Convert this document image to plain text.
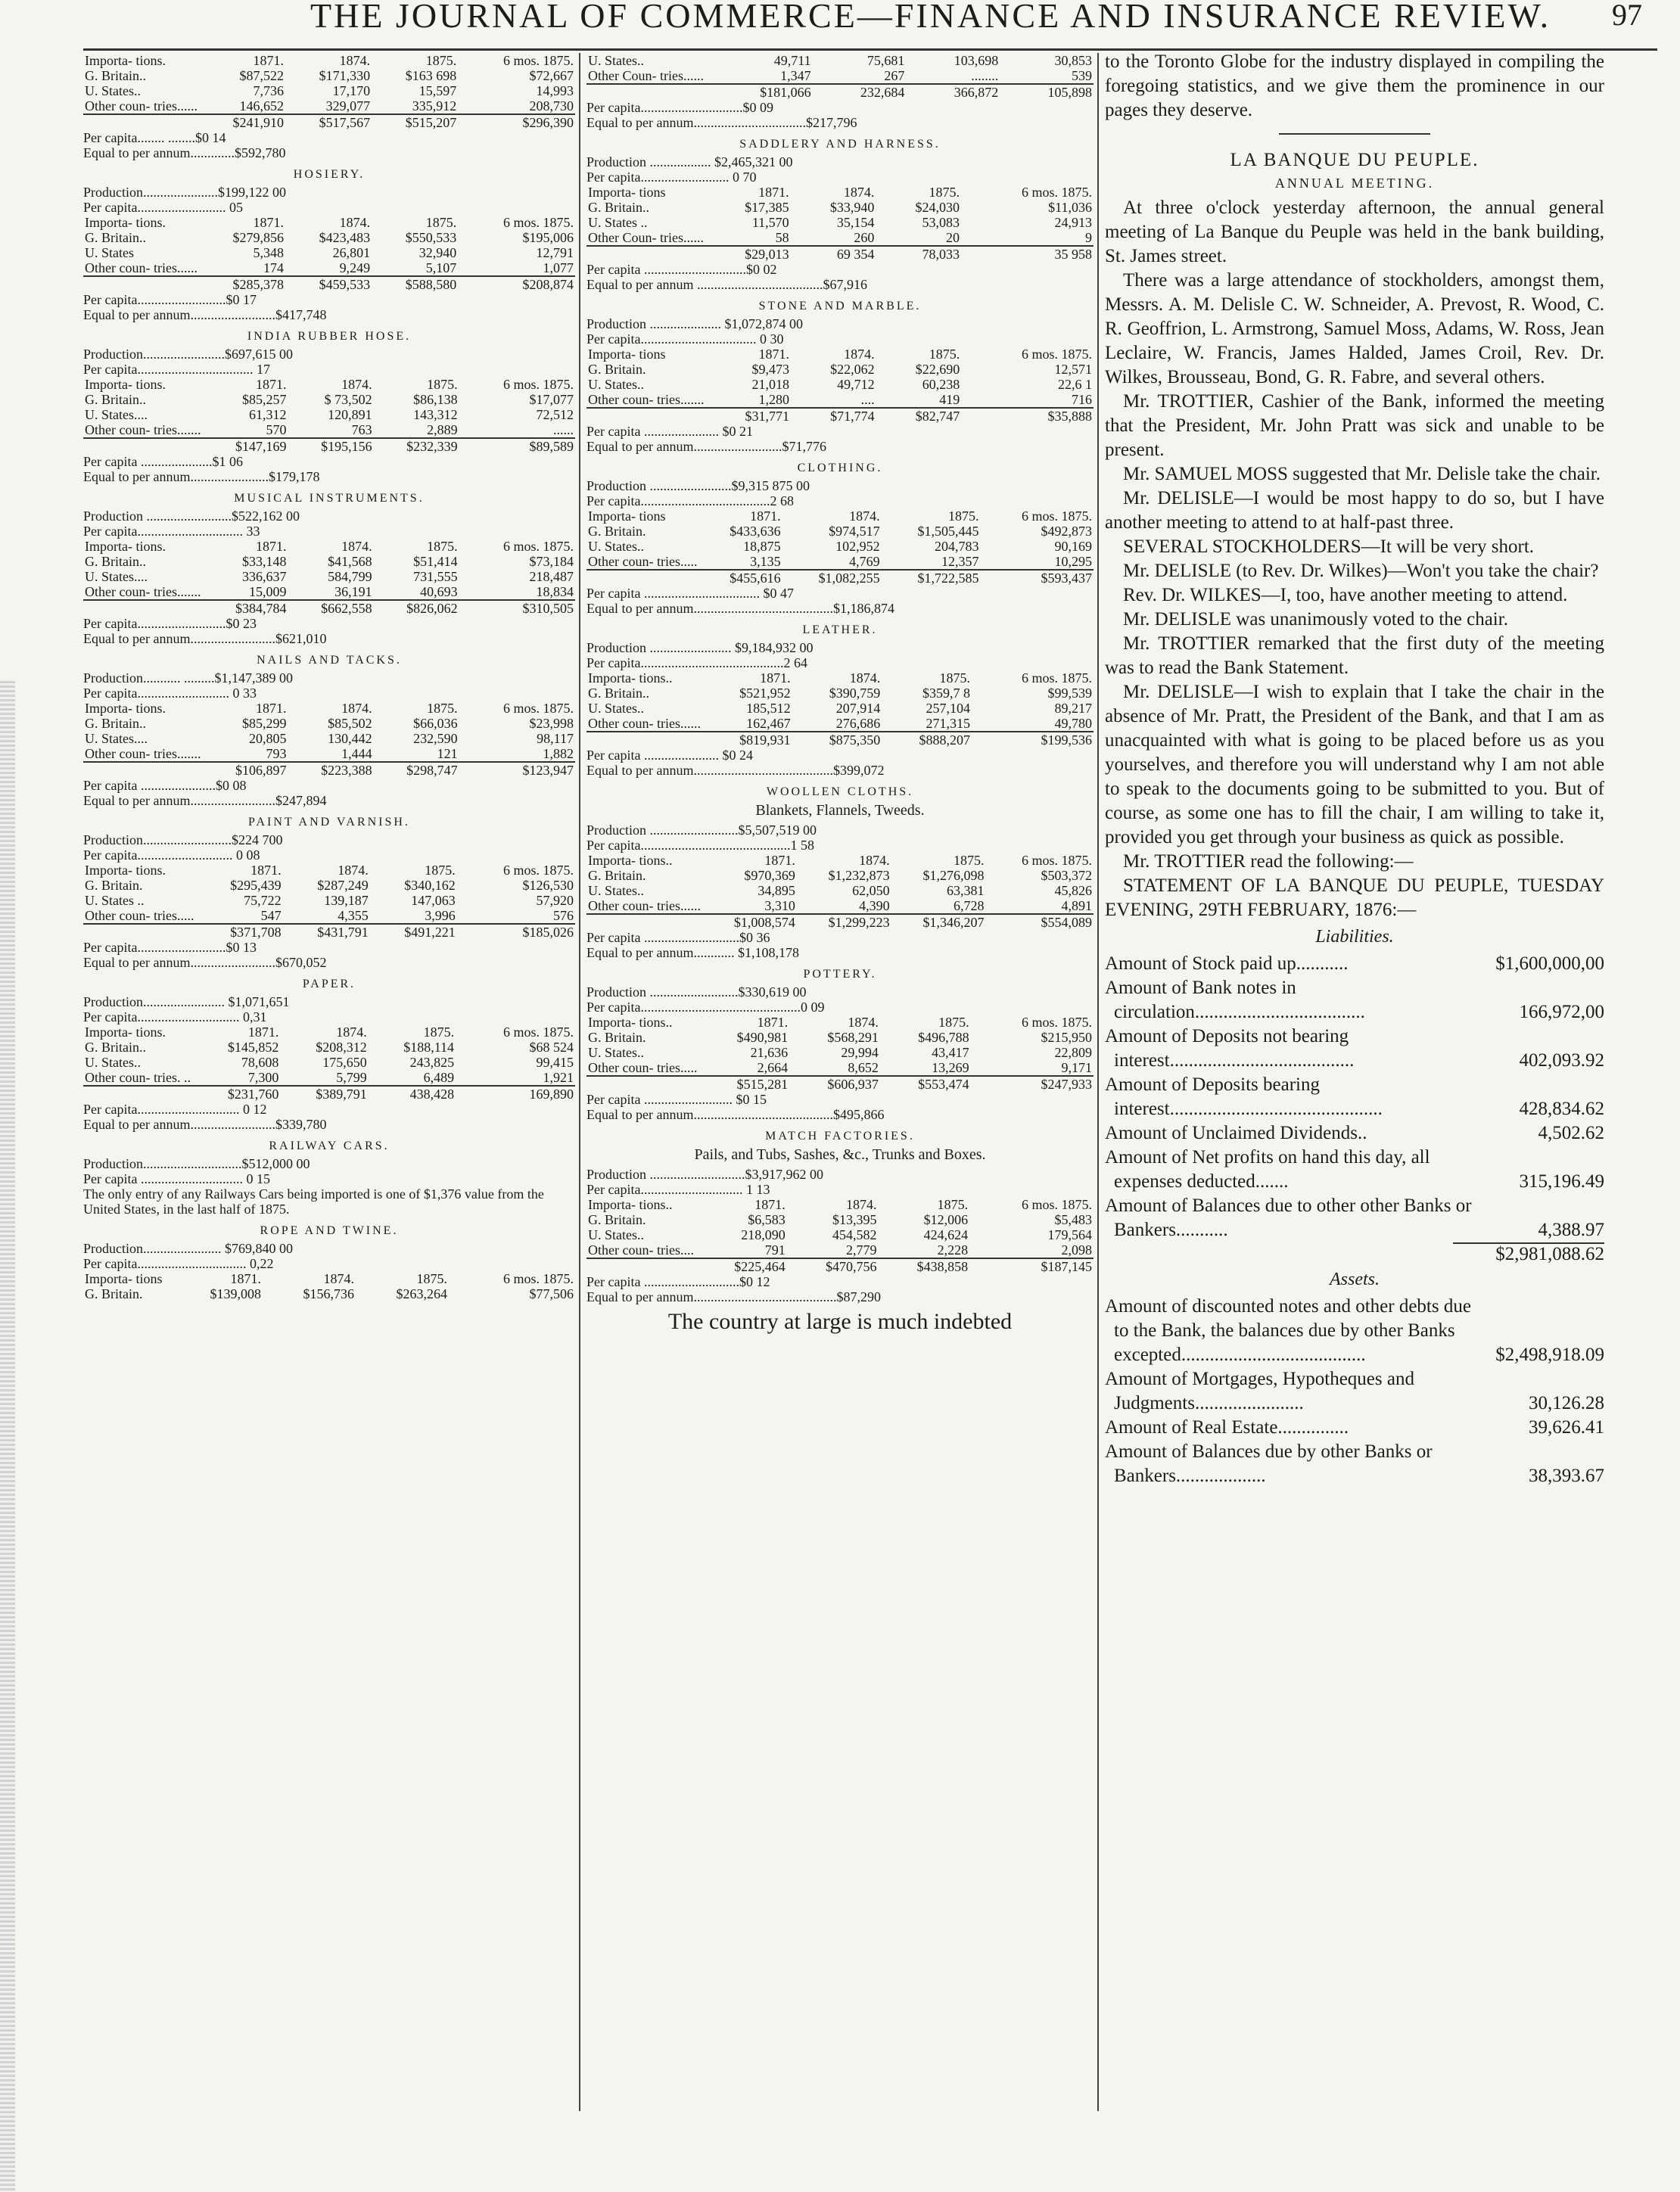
THE JOURNAL OF COMMERCE—FINANCE AND INSURANCE REVIEW. 97
Importa- tions.	1871.	1874.	1875.	6 mos. 1875.
G. Britain..	$87,522	$171,330	$163 698	$72,667
U. States..	7,736	17,170	15,597	14,993
Other coun- tries......	146,652	329,077	335,912	208,730
	$241,910	$517,567	$515,207	$296,390
Per capita........ ........$0 14
Equal to per annum.............$592,780
HOSIERY.
Production......................$199,122 00
Per capita.......................... 05
Importa- tions.	1871.	1874.	1875.	6 mos. 1875.
G. Britain..	$279,856	$423,483	$550,533	$195,006
U. States	5,348	26,801	32,940	12,791
Other coun- tries......	174	9,249	5,107	1,077
	$285,378	$459,533	$588,580	$208,874
Per capita..........................$0 17
Equal to per annum.........................$417,748
INDIA RUBBER HOSE.
Production........................$697,615 00
Per capita.................................. 17
Importa- tions.	1871.	1874.	1875.	6 mos. 1875.
G. Britain..	$85,257	$ 73,502	$86,138	$17,077
U. States....	61,312	120,891	143,312	72,512
Other coun- tries.......	570	763	2,889	......
	$147,169	$195,156	$232,339	$89,589
Per capita .....................$1 06
Equal to per annum.......................$179,178
MUSICAL INSTRUMENTS.
Production .........................$522,162 00
Per capita............................... 33
Importa- tions.	1871.	1874.	1875.	6 mos. 1875.
G. Britain..	$33,148	$41,568	$51,414	$73,184
U. States....	336,637	584,799	731,555	218,487
Other coun- tries.......	15,009	36,191	40,693	18,834
	$384,784	$662,558	$826,062	$310,505
Per capita..........................$0 23
Equal to per annum.........................$621,010
NAILS AND TACKS.
Production........... .........$1,147,389 00
Per capita........................... 0 33
Importa- tions.	1871.	1874.	1875.	6 mos. 1875.
G. Britain..	$85,299	$85,502	$66,036	$23,998
U. States....	20,805	130,442	232,590	98,117
Other coun- tries.......	793	1,444	121	1,882
	$106,897	$223,388	$298,747	$123,947
Per capita ......................$0 08
Equal to per annum.........................$247,894
PAINT AND VARNISH.
Production..........................$224 700
Per capita............................ 0 08
Importa- tions.	1871.	1874.	1875.	6 mos. 1875.
G. Britain.	$295,439	$287,249	$340,162	$126,530
U. States ..	75,722	139,187	147,063	57,920
Other coun- tries.....	547	4,355	3,996	576
	$371,708	$431,791	$491,221	$185,026
Per capita..........................$0 13
Equal to per annum.........................$670,052
PAPER.
Production........................ $1,071,651
Per capita.............................. 0,31
Importa- tions.	1871.	1874.	1875.	6 mos. 1875.
G. Britain..	$145,852	$208,312	$188,114	$68 524
U. States..	78,608	175,650	243,825	99,415
Other coun- tries. ..	7,300	5,799	6,489	1,921
	$231,760	$389,791	438,428	169,890
Per capita.............................. 0 12
Equal to per annum.........................$339,780
RAILWAY CARS.
Production.............................$512,000 00
Per capita .............................. 0 15
The only entry of any Railways Cars being imported is one of $1,376 value from the United States, in the last half of 1875.
ROPE AND TWINE.
Production....................... $769,840 00
Per capita................................ 0,22
Importa- tions	1871.	1874.	1875.	6 mos. 1875.
G. Britain.	$139,008	$156,736	$263,264	$77,506
U. States..	49,711	75,681	103,698	30,853
Other Coun- tries......	1,347	267	........	539
	$181,066	232,684	366,872	105,898
Per capita..............................$0 09
Equal to per annum.................................$217,796
SADDLERY AND HARNESS.
Production .................. $2,465,321 00
Per capita.......................... 0 70
Importa- tions	1871.	1874.	1875.	6 mos. 1875.
G. Britain..	$17,385	$33,940	$24,030	$11,036
U. States ..	11,570	35,154	53,083	24,913
Other Coun- tries......	58	260	20	9
	$29,013	69 354	78,033	35 958
Per capita ..............................$0 02
Equal to per annum .....................................$67,916
STONE AND MARBLE.
Production ..................... $1,072,874 00
Per capita.................................. 0 30
Importa- tions	1871.	1874.	1875.	6 mos. 1875.
G. Britain.	$9,473	$22,062	$22,690	12,571
U. States..	21,018	49,712	60,238	22,6 1
Other coun- tries.......	1,280	....	419	716
	$31,771	$71,774	$82,747	$35,888
Per capita ...................... $0 21
Equal to per annum..........................$71,776
CLOTHING.
Production ........................$9,315 875 00
Per capita......................................2 68
Importa- tions	1871.	1874.	1875.	6 mos. 1875.
G. Britain.	$433,636	$974,517	$1,505,445	$492,873
U. States..	18,875	102,952	204,783	90,169
Other coun- tries.....	3,135	4,769	12,357	10,295
	$455,616	$1,082,255	$1,722,585	$593,437
Per capita .................................. $0 47
Equal to per annum.........................................$1,186,874
LEATHER.
Production ........................ $9,184,932 00
Per capita..........................................2 64
Importa- tions..	1871.	1874.	1875.	6 mos. 1875.
G. Britain..	$521,952	$390,759	$359,7 8	$99,539
U. States..	185,512	207,914	257,104	89,217
Other coun- tries......	162,467	276,686	271,315	49,780
	$819,931	$875,350	$888,207	$199,536
Per capita ...................... $0 24
Equal to per annum.........................................$399,072
WOOLLEN CLOTHS.
Blankets, Flannels, Tweeds.
Production ..........................$5,507,519 00
Per capita............................................1 58
Importa- tions..	1871.	1874.	1875.	6 mos. 1875.
G. Britain.	$970,369	$1,232,873	$1,276,098	$503,372
U. States..	34,895	62,050	63,381	45,826
Other coun- tries......	3,310	4,390	6,728	4,891
	$1,008,574	$1,299,223	$1,346,207	$554,089
Per capita ............................$0 36
Equal to per annum............ $1,108,178
POTTERY.
Production ..........................$330,619 00
Per capita...............................................0 09
Importa- tions..	1871.	1874.	1875.	6 mos. 1875.
G. Britain.	$490,981	$568,291	$496,788	$215,950
U. States..	21,636	29,994	43,417	22,809
Other coun- tries.....	2,664	8,652	13,269	9,171
	$515,281	$606,937	$553,474	$247,933
Per capita .......................... $0 15
Equal to per annum.........................................$495,866
MATCH FACTORIES.
Pails, and Tubs, Sashes, &c., Trunks and Boxes.
Production ............................$3,917,962 00
Per capita.............................. 1 13
Importa- tions..	1871.	1874.	1875.	6 mos. 1875.
G. Britain.	$6,583	$13,395	$12,006	$5,483
U. States..	218,090	454,582	424,624	179,564
Other coun- tries....	791	2,779	2,228	2,098
	$225,464	$470,756	$438,858	$187,145
Per capita ............................$0 12
Equal to per annum..........................................$87,290
The country at large is much indebted

to the Toronto Globe for the industry displayed in compiling the foregoing statistics, and we give them the prominence in our pages they deserve.

LA BANQUE DU PEUPLE.
ANNUAL MEETING.

At three o'clock yesterday afternoon, the annual general meeting of La Banque du Peuple was held in the bank building, St. James street.

There was a large attendance of stockholders, amongst them, Messrs. A. M. Delisle C. W. Schneider, A. Prevost, R. Wood, C. R. Geoffrion, L. Armstrong, Samuel Moss, Adams, W. Ross, Jean Leclaire, W. Francis, James Halded, James Croil, Rev. Dr. Wilkes, Brousseau, Bond, G. R. Fabre, and several others.

Mr. TROTTIER, Cashier of the Bank, informed the meeting that the President, Mr. John Pratt was sick and unable to be present.

Mr. SAMUEL MOSS suggested that Mr. Delisle take the chair.

Mr. DELISLE—I would be most happy to do so, but I have another meeting to attend to at half-past three.

SEVERAL STOCKHOLDERS—It will be very short.

Mr. DELISLE (to Rev. Dr. Wilkes)—Won't you take the chair?

Rev. Dr. WILKES—I, too, have another meeting to attend.

Mr. DELISLE was unanimously voted to the chair.

Mr. TROTTIER remarked that the first duty of the meeting was to read the Bank Statement.

Mr. DELISLE—I wish to explain that I take the chair in the absence of Mr. Pratt, the President of the Bank, and that I am as unacquainted with what is going to be placed before us as you yourselves, and therefore you will understand why I am not able to speak to the documents going to be submitted to you. But of course, as some one has to fill the chair, I am willing to take it, provided you get through your business as quick as possible.

Mr. TROTTIER read the following:—

STATEMENT OF LA BANQUE DU PEUPLE, TUESDAY EVENING, 29TH FEBRUARY, 1876:—

Liabilities.
Amount of Stock paid up...........	$1,600,000,00
Amount of Bank notes in circulation....................................	166,972,00
Amount of Deposits not bearing interest.......................................	402,093.92
Amount of Deposits bearing interest.............................................	428,834.62
Amount of Unclaimed Dividends..	4,502.62
Amount of Net profits on hand this day, all expenses deducted.......	315,196.49
Amount of Balances due to other other Banks or Bankers...........	4,388.97
$2,981,088.62
Assets.
Amount of discounted notes and other debts due to the Bank, the balances due by other Banks excepted.......................................	$2,498,918.09
Amount of Mortgages, Hypotheques and Judgments.......................	30,126.28
Amount of Real Estate...............	39,626.41
Amount of Balances due by other Banks or Bankers...................	38,393.67
